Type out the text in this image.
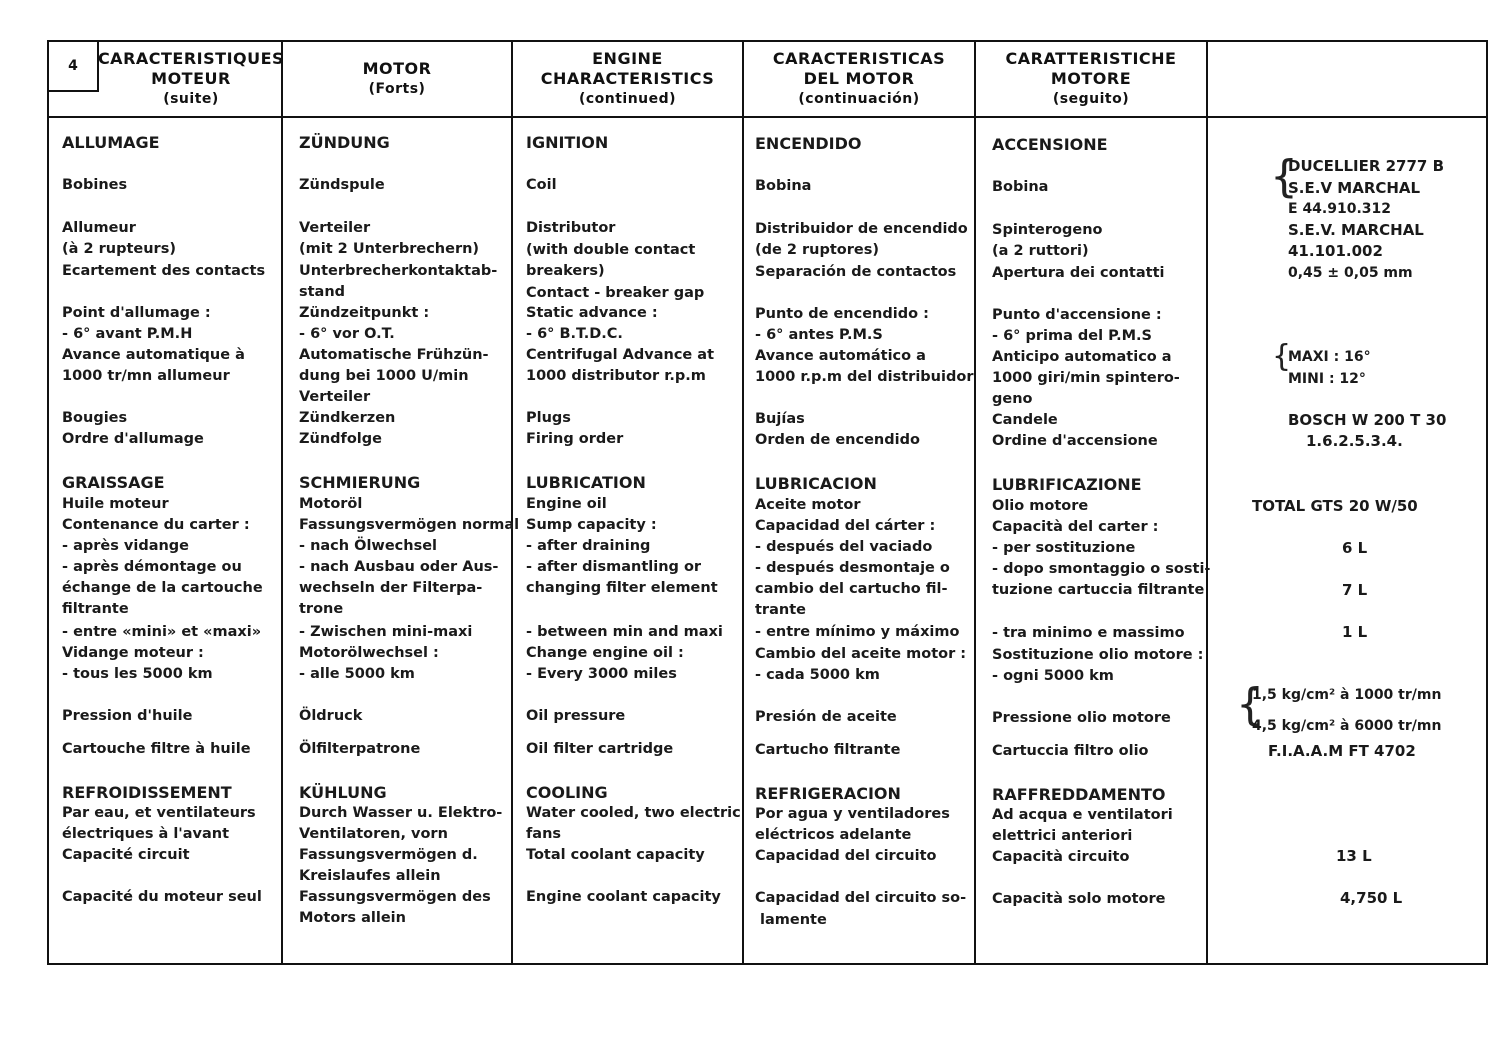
4	CARACTERISTIQUES
MOTEUR
(suite)
MOTOR
(Forts)
ENGINE
CHARACTERISTICS
(continued)
CARACTERISTICAS
DEL MOTOR
(continuación)
CARATTERISTICHE
MOTORE
(seguito)
ALLUMAGE
Bobines
Allumeur
(à 2 rupteurs)
Ecartement des contacts
Point d'allumage :
- 6° avant P.M.H
Avance automatique à
1000 tr/mn allumeur
Bougies
Ordre d'allumage
GRAISSAGE
Huile moteur
Contenance du carter :
- après vidange
- après démontage ou
échange de la cartouche
filtrante
- entre «mini» et «maxi»
Vidange moteur :
- tous les 5000 km
Pression d'huile
Cartouche filtre à huile
REFROIDISSEMENT
Par eau, et ventilateurs
électriques à l'avant
Capacité circuit
Capacité du moteur seul
ZÜNDUNG
Zündspule
Verteiler
(mit 2 Unterbrechern)
Unterbrecherkontaktab-
stand
Zündzeitpunkt :
- 6° vor O.T.
Automatische Frühzün-
dung bei 1000 U/min
Verteiler
Zündkerzen
Zündfolge
SCHMIERUNG
Motoröl
Fassungsvermögen normal
- nach Ölwechsel
- nach Ausbau oder Aus-
wechseln der Filterpa-
trone
- Zwischen mini-maxi
Motorölwechsel :
- alle 5000 km
Öldruck
Ölfilterpatrone
KÜHLUNG
Durch Wasser u. Elektro-
Ventilatoren, vorn
Fassungsvermögen d.
Kreislaufes allein
Fassungsvermögen des
Motors allein
IGNITION
Coil
Distributor
(with double contact
breakers)
Contact - breaker gap
Static advance :
- 6° B.T.D.C.
Centrifugal Advance at
1000 distributor r.p.m
Plugs
Firing order
LUBRICATION
Engine oil
Sump capacity :
- after draining
- after dismantling or
changing filter element
- between min and maxi
Change engine oil :
- Every 3000 miles
Oil pressure
Oil filter cartridge
COOLING
Water cooled, two electric
fans
Total coolant capacity
Engine coolant capacity
ENCENDIDO
Bobina
Distribuidor de encendido
(de 2 ruptores)
Separación de contactos
Punto de encendido :
- 6° antes P.M.S
Avance automático a
1000 r.p.m del distribuidor
Bujías
Orden de encendido
LUBRICACION
Aceite motor
Capacidad del cárter :
- después del vaciado
- después desmontaje o
cambio del cartucho fil-
trante
- entre mínimo y máximo
Cambio del aceite motor :
- cada 5000 km
Presión de aceite
Cartucho filtrante
REFRIGERACION
Por agua y ventiladores
eléctricos adelante
Capacidad del circuito
Capacidad del circuito so-
lamente
ACCENSIONE
Bobina
Spinterogeno
(a 2 ruttori)
Apertura dei contatti
Punto d'accensione :
- 6° prima del P.M.S
Anticipo automatico a
1000 giri/min spintero-
geno
Candele
Ordine d'accensione
LUBRIFICAZIONE
Olio motore
Capacità del carter :
- per sostituzione
- dopo smontaggio o sosti-
tuzione cartuccia filtrante
- tra minimo e massimo
Sostituzione olio motore :
- ogni 5000 km
Pressione olio motore
Cartuccia filtro olio
RAFFREDDAMENTO
Ad acqua e ventilatori
elettrici anteriori
Capacità circuito
Capacità solo motore
{
DUCELLIER 2777 B
S.E.V MARCHAL
E 44.910.312
S.E.V. MARCHAL
41.101.002
0,45 ± 0,05 mm
{
MAXI : 16°
MINI : 12°
BOSCH W 200 T 30
1.6.2.5.3.4.
TOTAL GTS 20 W/50
6 L
7 L
1 L
{
1,5 kg/cm² à 1000 tr/mn
4,5 kg/cm² à 6000 tr/mn
F.I.A.A.M FT 4702
13 L
4,750 L
